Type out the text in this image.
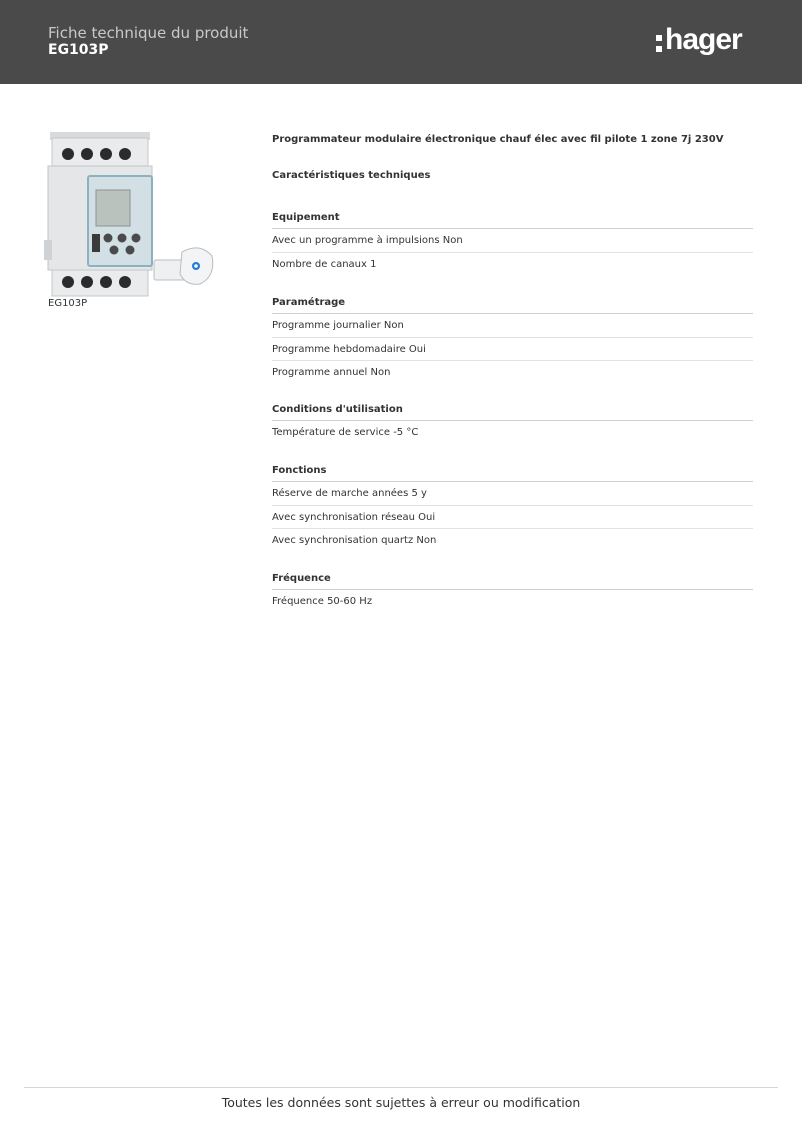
Fiche technique du produit
EG103P	hager
EG103P
Programmateur modulaire électronique chauf élec avec fil pilote 1 zone 7j 230V
Caractéristiques techniques
Equipement
Avec un programme à impulsions Non
Nombre de canaux 1
Paramétrage
Programme journalier Non
Programme hebdomadaire Oui
Programme annuel Non
Conditions d'utilisation
Température de service -5 °C
Fonctions
Réserve de marche années 5 y
Avec synchronisation réseau Oui
Avec synchronisation quartz Non
Fréquence
Fréquence 50-60 Hz
Toutes les données sont sujettes à erreur ou modification
